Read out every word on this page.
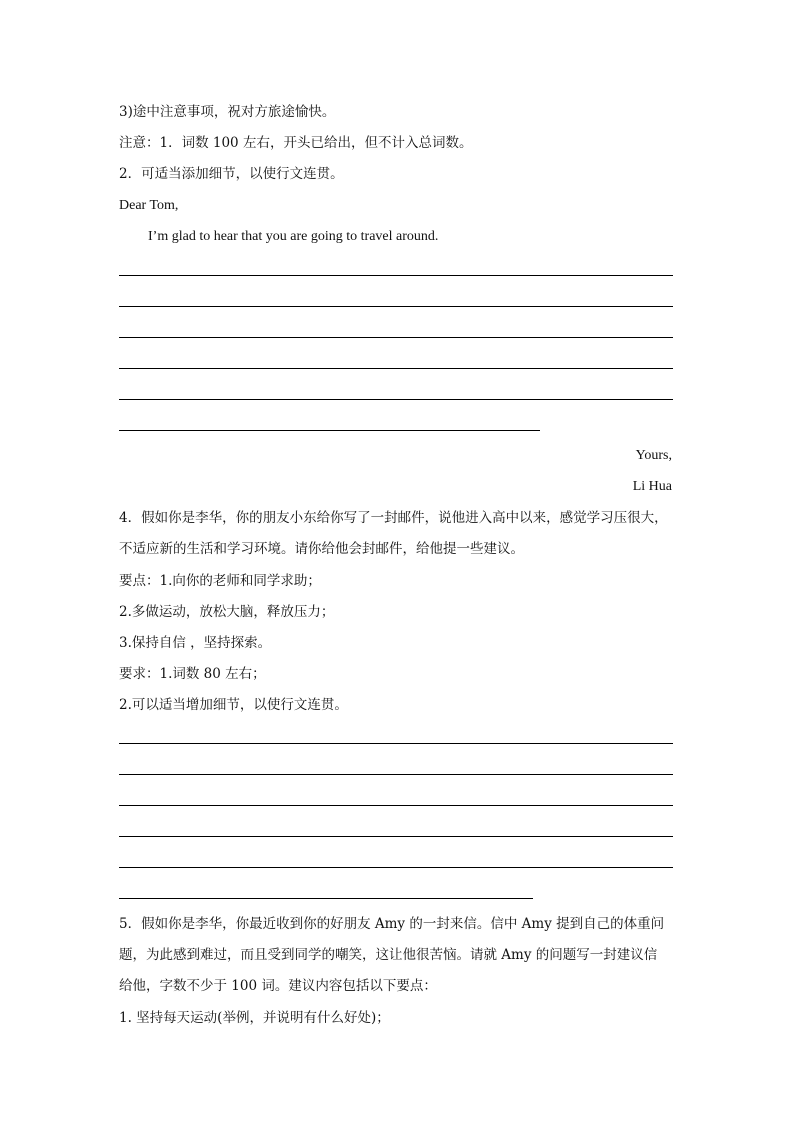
3)途中注意事项，祝对方旅途愉快。
注意：1．词数 100 左右，开头已给出，但不计入总词数。
2．可适当添加细节，以使行文连贯。
Dear Tom,
I’m glad to hear that you are going to travel around.
Yours,
Li Hua
4．假如你是李华，你的朋友小东给你写了一封邮件，说他进入高中以来，感觉学习压很大，
不适应新的生活和学习环境。请你给他会封邮件，给他提一些建议。
要点：1.向你的老师和同学求助；
2.多做运动，放松大脑，释放压力；
3.保持自信 ，坚持探索。
要求：1.词数 80 左右；
2.可以适当增加细节，以使行文连贯。
5．假如你是李华，你最近收到你的好朋友 Amy 的一封来信。信中 Amy 提到自己的体重问
题，为此感到难过，而且受到同学的嘲笑，这让他很苦恼。请就 Amy 的问题写一封建议信
给他，字数不少于 100 词。建议内容包括以下要点：
1. 坚持每天运动(举例，并说明有什么好处)；
